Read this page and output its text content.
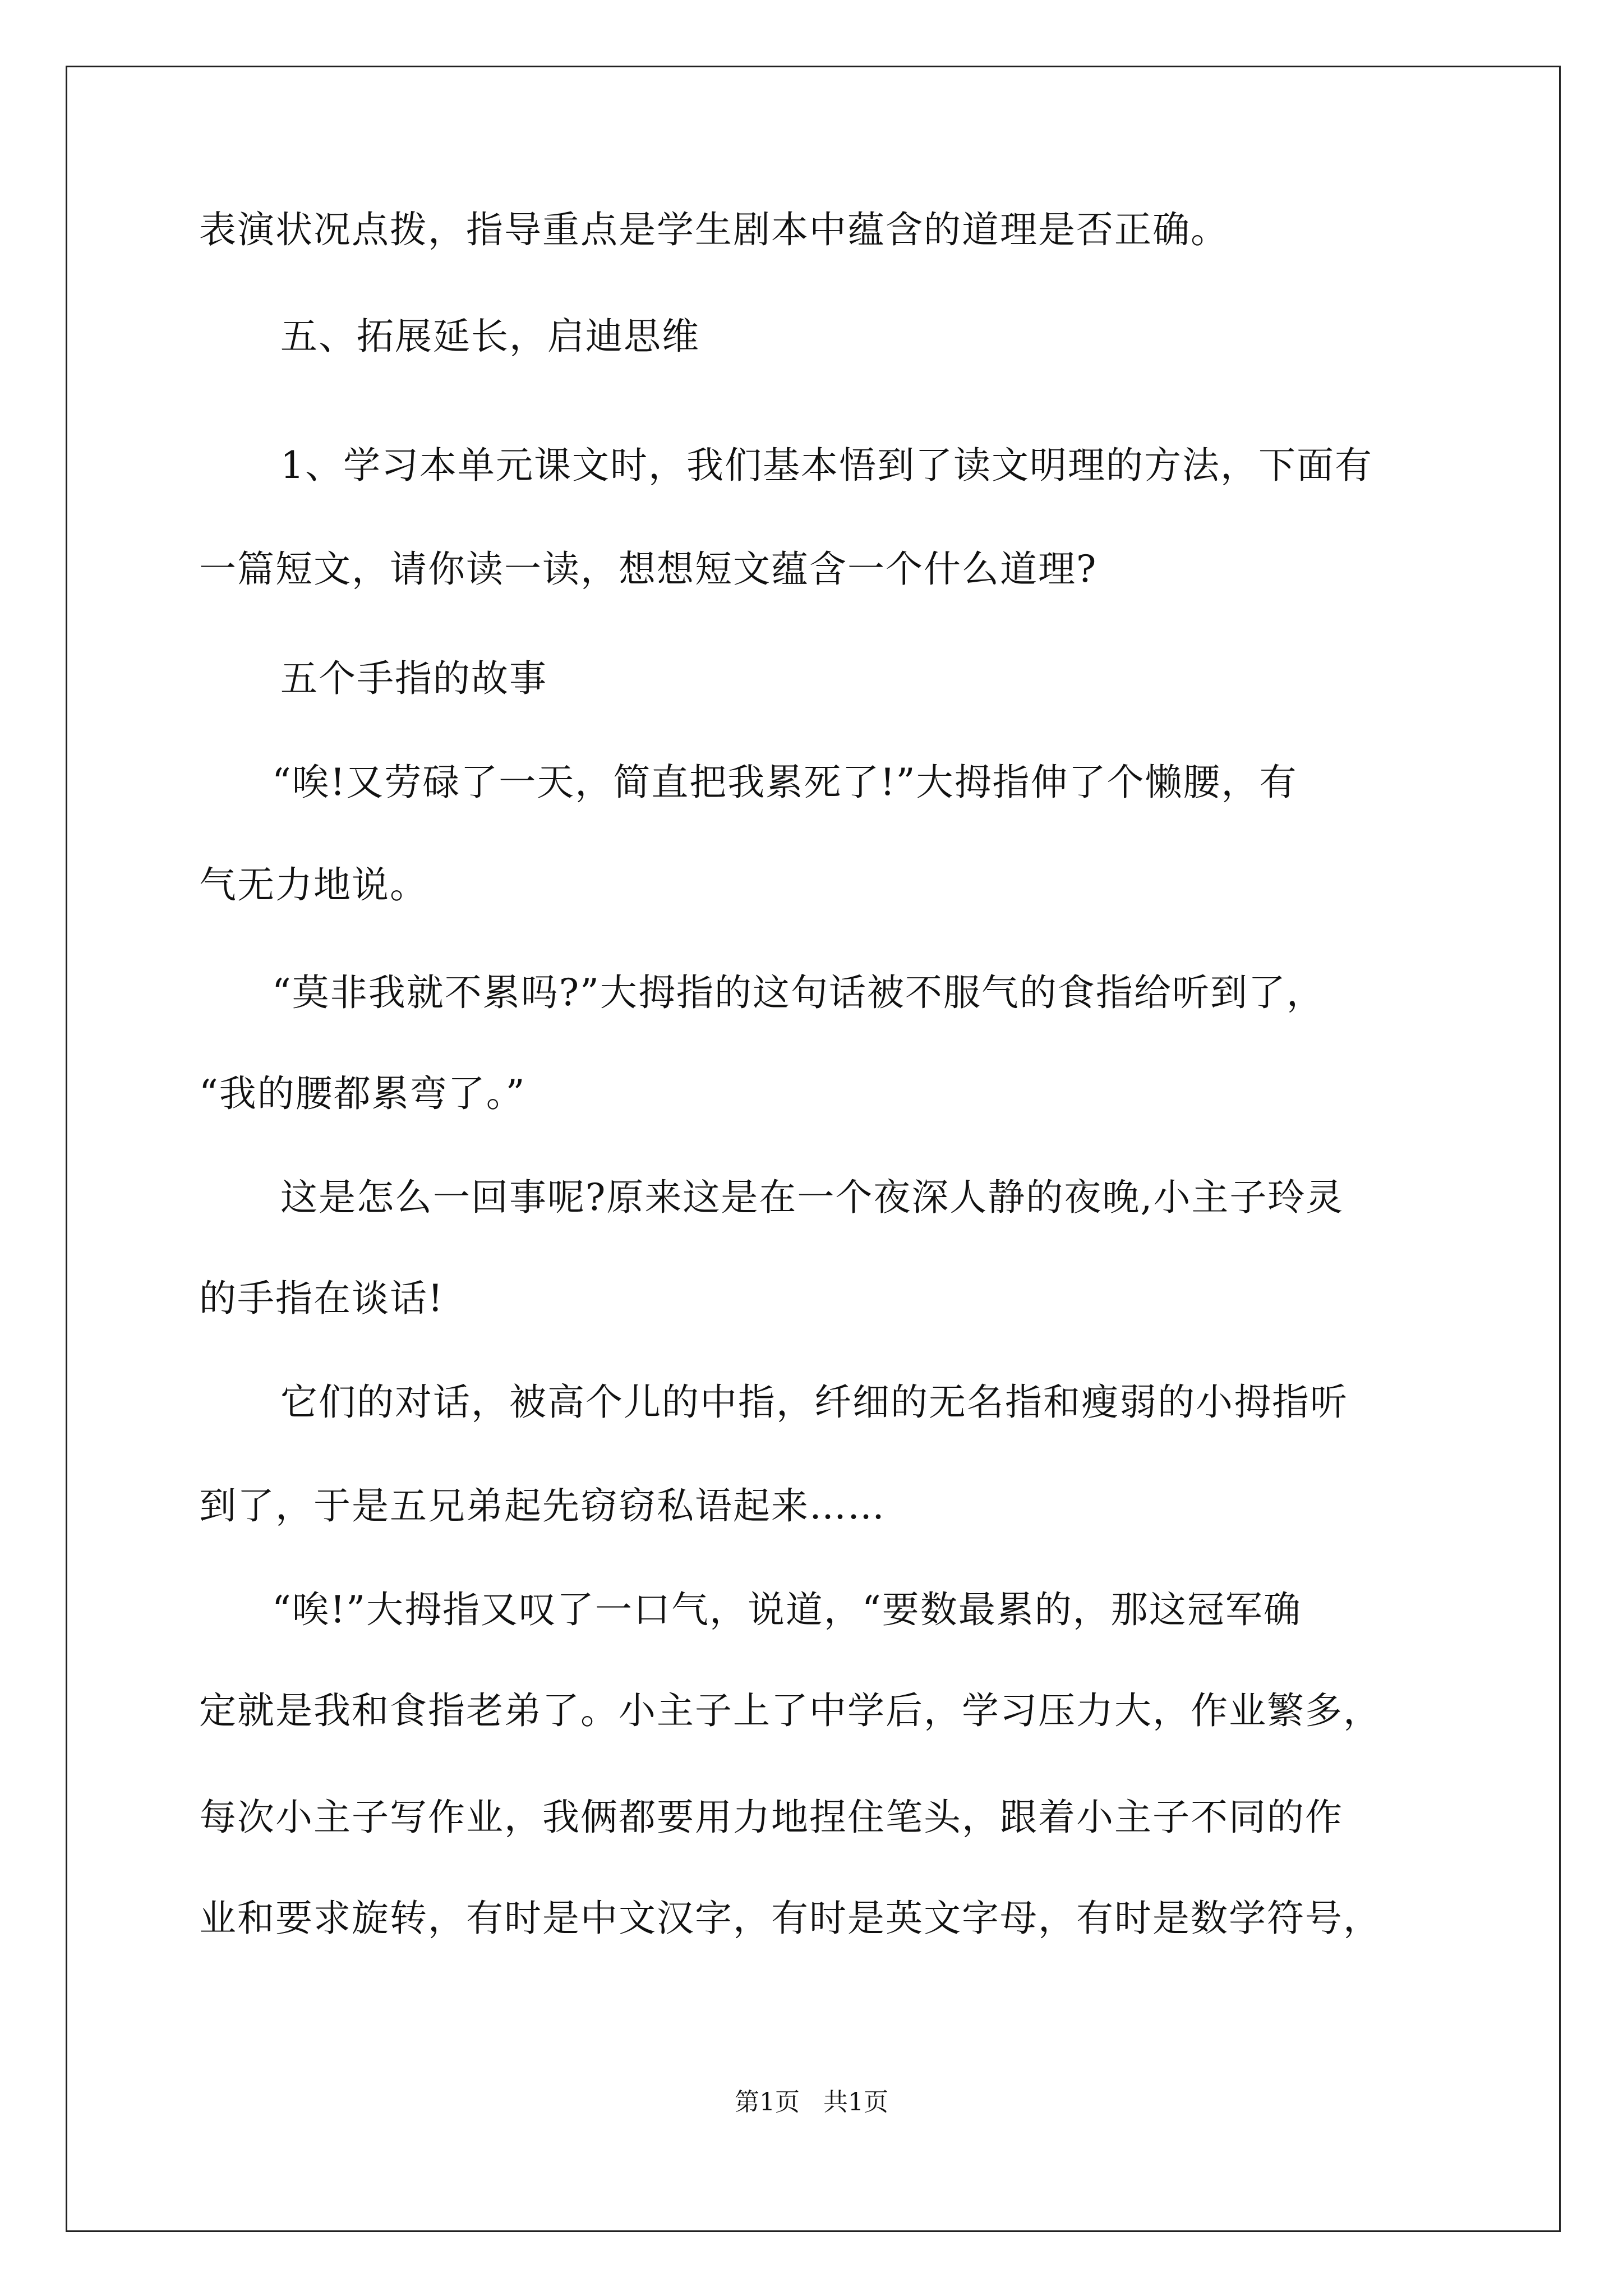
表演状况点拨，指导重点是学生剧本中蕴含的道理是否正确。
五、拓展延长，启迪思维
1、学习本单元课文时，我们基本悟到了读文明理的方法，下面有
一篇短文，请你读一读，想想短文蕴含一个什么道理?
五个手指的故事
“唉!又劳碌了一天，简直把我累死了!”大拇指伸了个懒腰，有
气无力地说。
“莫非我就不累吗?”大拇指的这句话被不服气的食指给听到了，
“我的腰都累弯了。”
这是怎么一回事呢?原来这是在一个夜深人静的夜晚,小主子玲灵
的手指在谈话!
它们的对话，被高个儿的中指，纤细的无名指和瘦弱的小拇指听
到了，于是五兄弟起先窃窃私语起来……
“唉!”大拇指又叹了一口气，说道，“要数最累的，那这冠军确
定就是我和食指老弟了。小主子上了中学后，学习压力大，作业繁多，
每次小主子写作业，我俩都要用力地捏住笔头，跟着小主子不同的作
业和要求旋转，有时是中文汉字，有时是英文字母，有时是数学符号，
第1页 共1页
